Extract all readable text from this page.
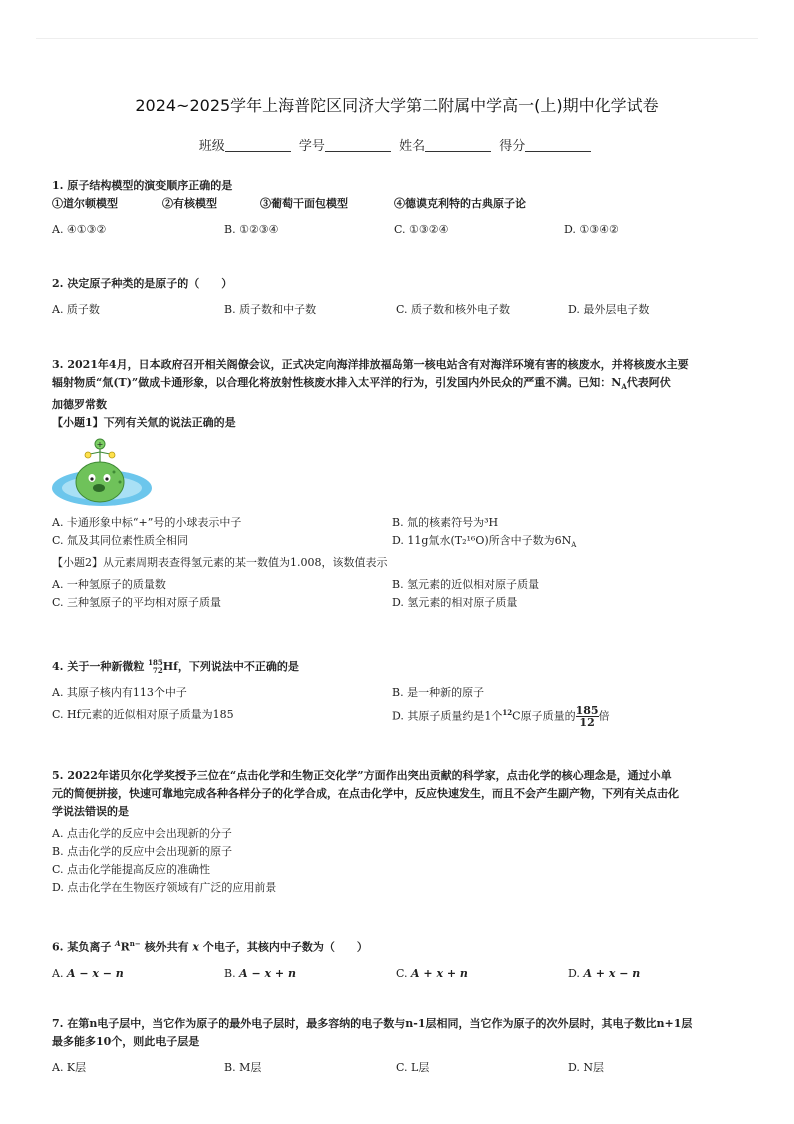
2024~2025学年上海普陀区同济大学第二附属中学高一(上)期中化学试卷
班级	学号	姓名	得分
1. 原子结构模型的演变顺序正确的是
①道尔顿模型	②有核模型	③葡萄干面包模型	④德谟克利特的古典原子论
A. ④①③②	B. ①②③④	C. ①③②④	D. ①③④②
2. 决定原子种类的是原子的（　　）
A. 质子数	B. 质子数和中子数	C. 质子数和核外电子数	D. 最外层电子数
3. 2021年4月，日本政府召开相关阁僚会议，正式决定向海洋排放福岛第一核电站含有对海洋环境有害的核废水，并将核废水主要
辐射物质“氚(T)”做成卡通形象，以合理化将放射性核废水排入太平洋的行为，引发国内外民众的严重不满。已知：$N_A$代表阿伏
加德罗常数
【小题1】下列有关氚的说法正确的是
+
A. 卡通形象中标“+”号的小球表示中子	B. 氚的核素符号为³H
C. 氚及其同位素性质全相同	D. 11g氚水(T₂¹⁶O)所含中子数为$6N_A$
【小题2】从元素周期表查得氢元素的某一数值为1.008，该数值表示
A. 一种氢原子的质量数	B. 氢元素的近似相对原子质量
C. 三种氢原子的平均相对原子质量	D. 氢元素的相对原子质量
4. 关于一种新微粒 185
72 Hf，下列说法中不正确的是
A. 其原子核内有113个中子	B. 是一种新的原子
C. Hf元素的近似相对原子质量为185	D. 其原子质量约是1个$^{12}$C原子质量的 $\frac{185}{12}$ 倍
5. 2022年诺贝尔化学奖授予三位在“点击化学和生物正交化学”方面作出突出贡献的科学家，点击化学的核心理念是，通过小单
元的简便拼接，快速可靠地完成各种各样分子的化学合成，在点击化学中，反应快速发生，而且不会产生副产物，下列有关点击化
学说法错误的是
A. 点击化学的反应中会出现新的分子
B. 点击化学的反应中会出现新的原子
C. 点击化学能提高反应的准确性
D. 点击化学在生物医疗领域有广泛的应用前景
6. 某负离子 $^AR^{n-}$ 核外共有 x 个电子，其核内中子数为（　　）
A. A − x − n	B. A − x + n	C. A + x + n	D. A + x − n
7. 在第n电子层中，当它作为原子的最外电子层时，最多容纳的电子数与n-1层相同，当它作为原子的次外层时，其电子数比n+1层
最多能多10个，则此电子层是
A. K层	B. M层	C. L层	D. N层
